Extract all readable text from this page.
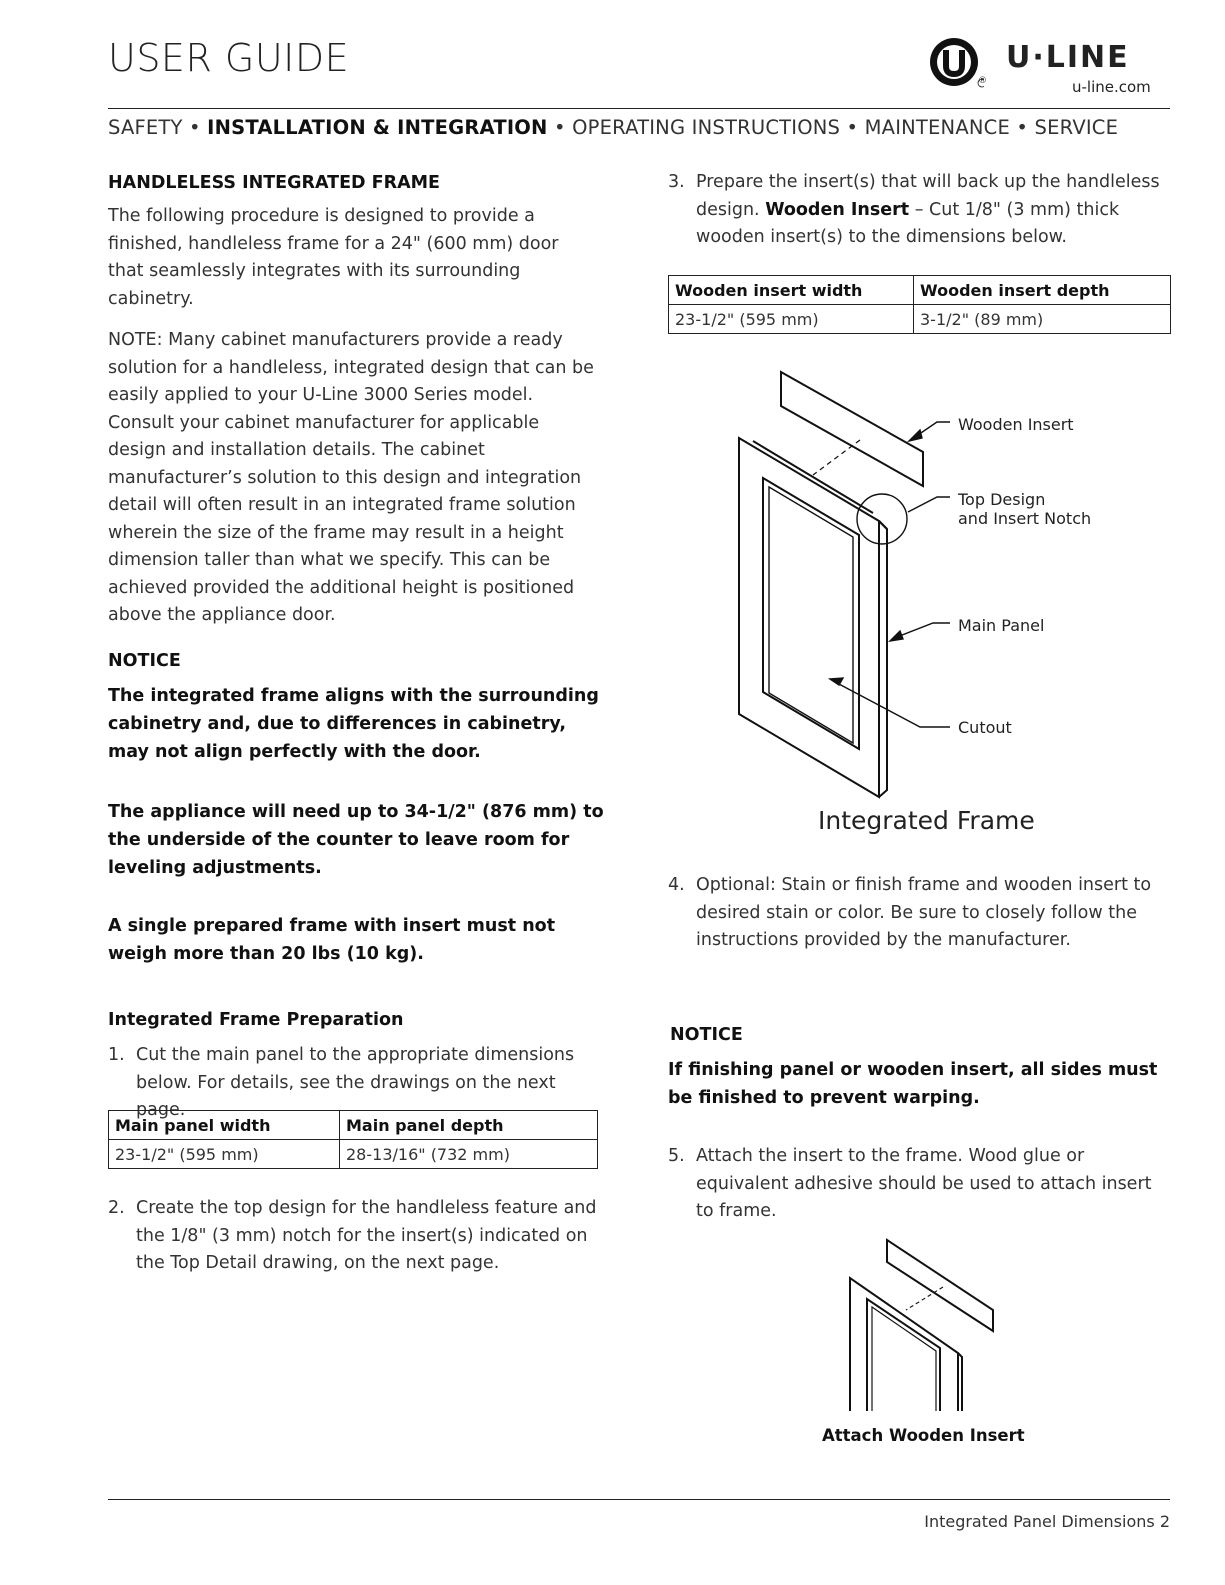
USER GUIDE
®
U·LINE
u-line.com
SAFETY • INSTALLATION & INTEGRATION • OPERATING INSTRUCTIONS • MAINTENANCE • SERVICE
HANDLELESS INTEGRATED FRAME
The following procedure is designed to provide a finished, handleless frame for a 24" (600 mm) door that seamlessly integrates with its surrounding cabinetry.
NOTE: Many cabinet manufacturers provide a ready solution for a handleless, integrated design that can be easily applied to your U-Line 3000 Series model. Consult your cabinet manufacturer for applicable design and installation details. The cabinet manufacturer’s solution to this design and integration detail will often result in an integrated frame solution wherein the size of the frame may result in a height dimension taller than what we specify. This can be achieved provided the additional height is positioned above the appliance door.
NOTICE
The integrated frame aligns with the surrounding cabinetry and, due to differences in cabinetry, may not align perfectly with the door.
The appliance will need up to 34-1/2" (876 mm) to the underside of the counter to leave room for leveling adjustments.
A single prepared frame with insert must not weigh more than 20 lbs (10 kg).
Integrated Frame Preparation
1. Cut the main panel to the appropriate dimensions below. For details, see the drawings on the next page.
Main panel width	Main panel depth
23-1/2" (595 mm)	28-13/16" (732 mm)
2. Create the top design for the handleless feature and the 1/8" (3 mm) notch for the insert(s) indicated on the Top Detail drawing, on the next page.
3. Prepare the insert(s) that will back up the handleless design. Wooden Insert – Cut 1/8" (3 mm) thick wooden insert(s) to the dimensions below.
Wooden insert width	Wooden insert depth
23-1/2" (595 mm)	3-1/2" (89 mm)
Wooden Insert
Top Design
and Insert Notch
Main Panel
Cutout
Integrated Frame
4. Optional: Stain or finish frame and wooden insert to desired stain or color. Be sure to closely follow the instructions provided by the manufacturer.
NOTICE
If finishing panel or wooden insert, all sides must be finished to prevent warping.
5. Attach the insert to the frame. Wood glue or equivalent adhesive should be used to attach insert to frame.
Attach Wooden Insert
Integrated Panel Dimensions 2
